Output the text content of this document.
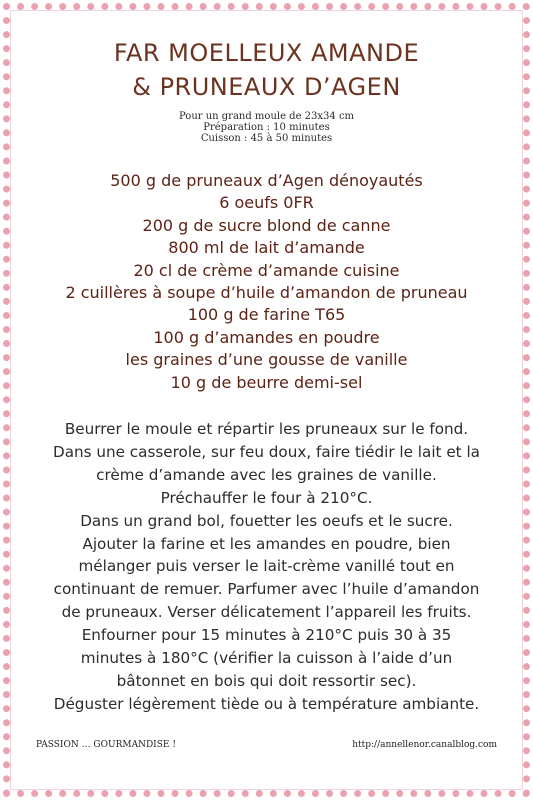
FAR MOELLEUX AMANDE
& PRUNEAUX D’AGEN
Pour un grand moule de 23x34 cm
Préparation : 10 minutes
Cuisson : 45 à 50 minutes
500 g de pruneaux d’Agen dénoyautés
6 oeufs 0FR
200 g de sucre blond de canne
800 ml de lait d’amande
20 cl de crème d’amande cuisine
2 cuillères à soupe d’huile d’amandon de pruneau
100 g de farine T65
100 g d’amandes en poudre
les graines d’une gousse de vanille
10 g de beurre demi-sel
Beurrer le moule et répartir les pruneaux sur le fond.
Dans une casserole, sur feu doux, faire tiédir le lait et la
crème d’amande avec les graines de vanille.
Préchauffer le four à 210°C.
Dans un grand bol, fouetter les oeufs et le sucre.
Ajouter la farine et les amandes en poudre, bien
mélanger puis verser le lait-crème vanillé tout en
continuant de remuer. Parfumer avec l’huile d’amandon
de pruneaux. Verser délicatement l’appareil les fruits.
Enfourner pour 15 minutes à 210°C puis 30 à 35
minutes à 180°C (vérifier la cuisson à l’aide d’un
bâtonnet en bois qui doit ressortir sec).
Déguster légèrement tiède ou à température ambiante.
PASSION … GOURMANDISE !	http://annellenor.canalblog.com
